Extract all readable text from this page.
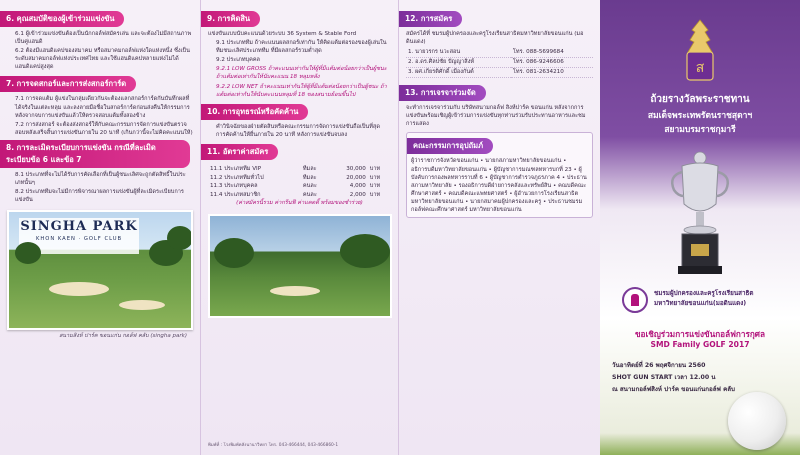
6. คุณสมบัติของผู้เข้าร่วมแข่งขัน
6.1 ผู้เข้าร่วมแข่งขันต้องเป็นนักกอล์ฟสมัครเล่น และจะต้องไม่มีสถานภาพเป็นคู่แฮนดิ
6.2 ต้องมีแฮนดิแคปของสมาคม หรือสมาคมกอล์ฟแห่งใดแห่งหนึ่ง ซึ่งเป็นระดับสมาคมกอล์ฟแห่งประเทศไทย และใช้แฮนดิแคปหลายแห่งไม่ได้แฮนดิแคปสูงสุด
7. การจดสกอร์และการส่งสกอร์การ์ด
7.1 การจดแต้ม ผู้แข่งในกลุ่มเดียวกันจะต้องแลกสกอร์การ์ดกันบันทึกผลที่ได้จริงในแต่ละหลุม และลงลายมือชื่อในสกอร์การ์ดก่อนส่งคืนให้กรรมการ หลังจากจบการแข่งขันแล้วให้ตรวจสอบแต้มทั้งสองข้าง
7.2 การส่งสกอร์ จะต้องส่งสกอร์ให้กับคณะกรรมการจัดการแข่งขันตรวจสอบหลังเสร็จสิ้นการแข่งขันภายใน 20 นาที (เกินกว่านี้จะไม่คิดคะแนนให้)
8. การละเมิดระเบียบการแข่งขัน กรณีที่ละเมิดระเบียบข้อ 6 และข้อ 7
8.1 ประเภทที่จะไม่ได้รับการคัดเลือกที่เป็นผู้ชนะเลิศจะถูกตัดสิทธิ์ในประเภทนั้นๆ
8.2 ประเภททีมจะไม่มีการพิจารณาผลการแข่งขันผู้ที่ละเมิดระเบียบการแข่งขัน
SINGHA PARK
KHON KAEN · GOLF CLUB
สนามสิงห์ ปาร์ค ขอนแก่น กอล์ฟ คลับ (singha park)
9. การคิดสิน
แข่งขันแบบนับคะแนนด้วยระบบ 36 System & Stable Ford
9.1 ประเภททีม ถ้าคะแนนผลสกอร์เท่ากัน ให้คิดแต้มต่อรองของผู้เล่นในทีมชนะเลิศประเภททีม ที่มีผลสกอร์รวมต่ำสุด
9.2 ประเภทบุคคล
9.2.1 LOW GROSS ถ้าคะแนนเท่ากันให้ผู้ที่มีแต้มต่อน้อยกว่าเป็นผู้ชนะ ถ้าแต้มต่อเท่ากันให้นับคะแนน 18 หลุมหลัง
9.2.2 LOW NET ถ้าคะแนนเท่ากันให้ผู้ที่มีแต้มต่อน้อยกว่าเป็นผู้ชนะ ถ้าแต้มต่อเท่ากันให้นับคะแนนหลุมที่ 18 ของสนามย้อนขึ้นไป
10. การอุทธรณ์หรือคัดค้าน
คำวินิจฉัยของฝ่ายตัดสินหรือคณะกรรมการจัดการแข่งขันถือเป็นที่สุด การคัดค้านให้ยื่นภายใน 20 นาที หลังการแข่งขันจบลง
11. อัตราค่าสมัคร
11.1 ประเภททีม VIP	ทีมละ	30,000	บาท
11.2 ประเภททีมทั่วไป	ทีมละ	20,000	บาท
11.3 ประเภทบุคคล	คนละ	4,000	บาท
11.4 ประเภทสมาชิก	คนละ	2,000	บาท
(ค่าสมัครนี้รวม ค่ากรีนฟี ค่าแคดดี้ พร้อมของชำร่วย)
12. การสมัคร
สมัครได้ที่ ชมรมผู้ปกครองและครูโรงเรียนสาธิตมหาวิทยาลัยขอนแก่น (มอดินแดง)
1. นายวรกร นวะสอน	โทร. 088-5699684
2. อ.ดร.ศิลปชัย ปัญญาสิงห์	โทร. 086-9246606
3. ผศ.เกียรติศักดิ์ เมืองกันต์	โทร. 081-2634210
13. การเจรจาร่วมจัด
จะทำการเจรจาร่วมกับ บริษัทสนามกอล์ฟ สิงห์ปาร์ค ขอนแก่น หลังจากการแข่งขันพร้อมเชิญผู้เข้าร่วมการแข่งขันทุกท่านร่วมรับประทานอาหารและชมการแสดง
คณะกรรมการอุปถัมภ์
ผู้ว่าราชการจังหวัดขอนแก่น • นายกสภามหาวิทยาลัยขอนแก่น • อธิการบดีมหาวิทยาลัยขอนแก่น • ผู้บัญชาการมณฑลทหารบกที่ 23 • ผู้บังคับการกองพลทหารราบที่ 6 • ผู้บัญชาการตำรวจภูธรภาค 4 • ประธานสภามหาวิทยาลัย • รองอธิการบดีฝ่ายการคลังและทรัพย์สิน • คณบดีคณะศึกษาศาสตร์ • คณบดีคณะแพทยศาสตร์ • ผู้อำนวยการโรงเรียนสาธิตมหาวิทยาลัยขอนแก่น • นายกสมาคมผู้ปกครองและครู • ประธานชมรมกอล์ฟคณะศึกษาศาสตร์ มหาวิทยาลัยขอนแก่น
ส
ถ้วยรางวัลพระราชทาน
สมเด็จพระเทพรัตนราชสุดาฯ
สยามบรมราชกุมารี
ชมรมผู้ปกครองและครูโรงเรียนสาธิต
มหาวิทยาลัยขอนแก่น(มอดินแดง)
ขอเชิญร่วมการแข่งขันกอล์ฟการกุศล
SMD Family GOLF 2017
วันอาทิตย์ที่ 26 พฤศจิกายน 2560
SHOT GUN START เวลา 12.00 น
ณ สนามกอล์ฟสิงห์ ปาร์ค ขอนแก่นกอล์ฟ คลับ
พิมพ์ที่ : โรงพิมพ์คลังนานาวิทยา โทร. 043-466444, 043-466860-1
